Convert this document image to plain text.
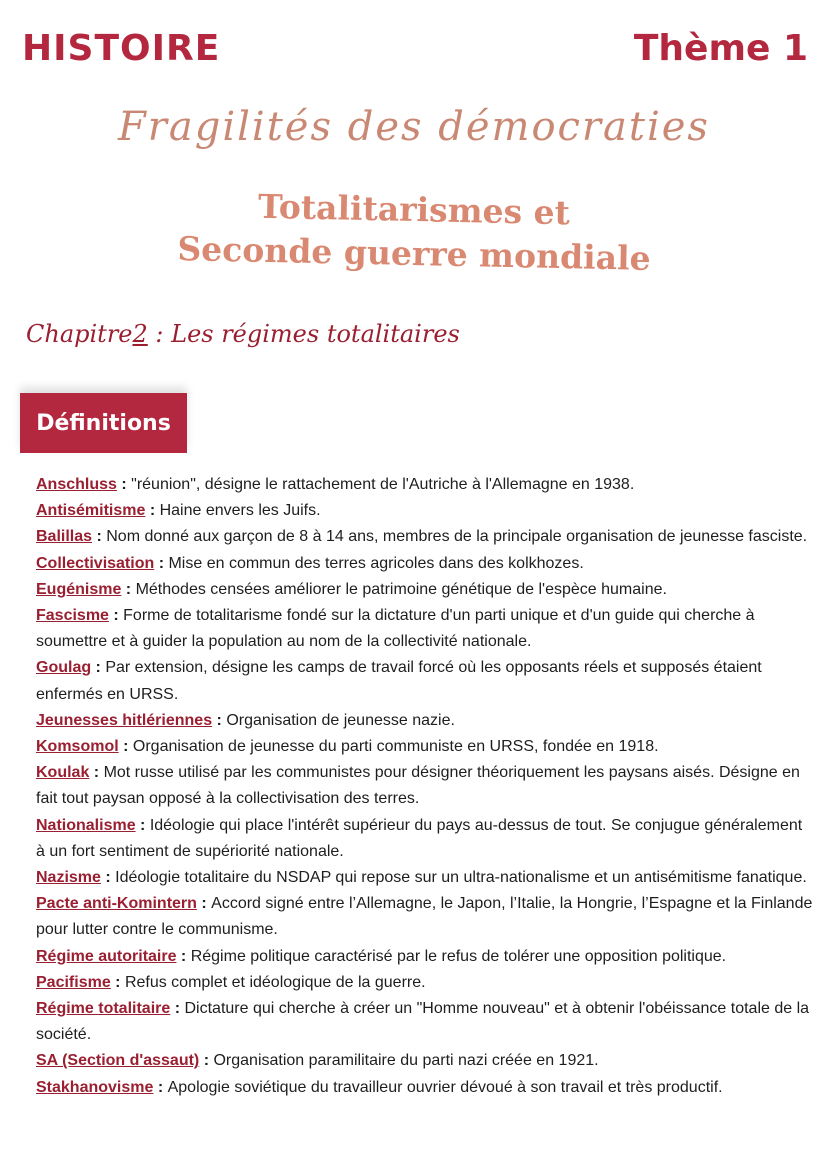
HISTOIRE	Thème 1
Fragilités des démocraties
Totalitarismes et
Seconde guerre mondiale
Chapitre2 : Les régimes totalitaires
Définitions

Anschluss : "réunion", désigne le rattachement de l'Autriche à l'Allemagne en 1938.

Antisémitisme : Haine envers les Juifs.

Balillas : Nom donné aux garçon de 8 à 14 ans, membres de la principale organisation de jeunesse fasciste.

Collectivisation : Mise en commun des terres agricoles dans des kolkhozes.

Eugénisme : Méthodes censées améliorer le patrimoine génétique de l'espèce humaine.

Fascisme : Forme de totalitarisme fondé sur la dictature d'un parti unique et d'un guide qui cherche à soumettre et à guider la population au nom de la collectivité nationale.

Goulag : Par extension, désigne les camps de travail forcé où les opposants réels et supposés étaient enfermés en URSS.

Jeunesses hitlériennes : Organisation de jeunesse nazie.

Komsomol : Organisation de jeunesse du parti communiste en URSS, fondée en 1918.

Koulak : Mot russe utilisé par les communistes pour désigner théoriquement les paysans aisés. Désigne en fait tout paysan opposé à la collectivisation des terres.

Nationalisme : Idéologie qui place l'intérêt supérieur du pays au-dessus de tout. Se conjugue généralement à un fort sentiment de supériorité nationale.

Nazisme : Idéologie totalitaire du NSDAP qui repose sur un ultra-nationalisme et un antisémitisme fanatique.

Pacte anti-Komintern : Accord signé entre l’Allemagne, le Japon, l’Italie, la Hongrie, l’Espagne et la Finlande pour lutter contre le communisme.

Régime autoritaire : Régime politique caractérisé par le refus de tolérer une opposition politique.

Pacifisme : Refus complet et idéologique de la guerre.

Régime totalitaire : Dictature qui cherche à créer un "Homme nouveau" et à obtenir l'obéissance totale de la société.

SA (Section d'assaut) : Organisation paramilitaire du parti nazi créée en 1921.

Stakhanovisme : Apologie soviétique du travailleur ouvrier dévoué à son travail et très productif.
